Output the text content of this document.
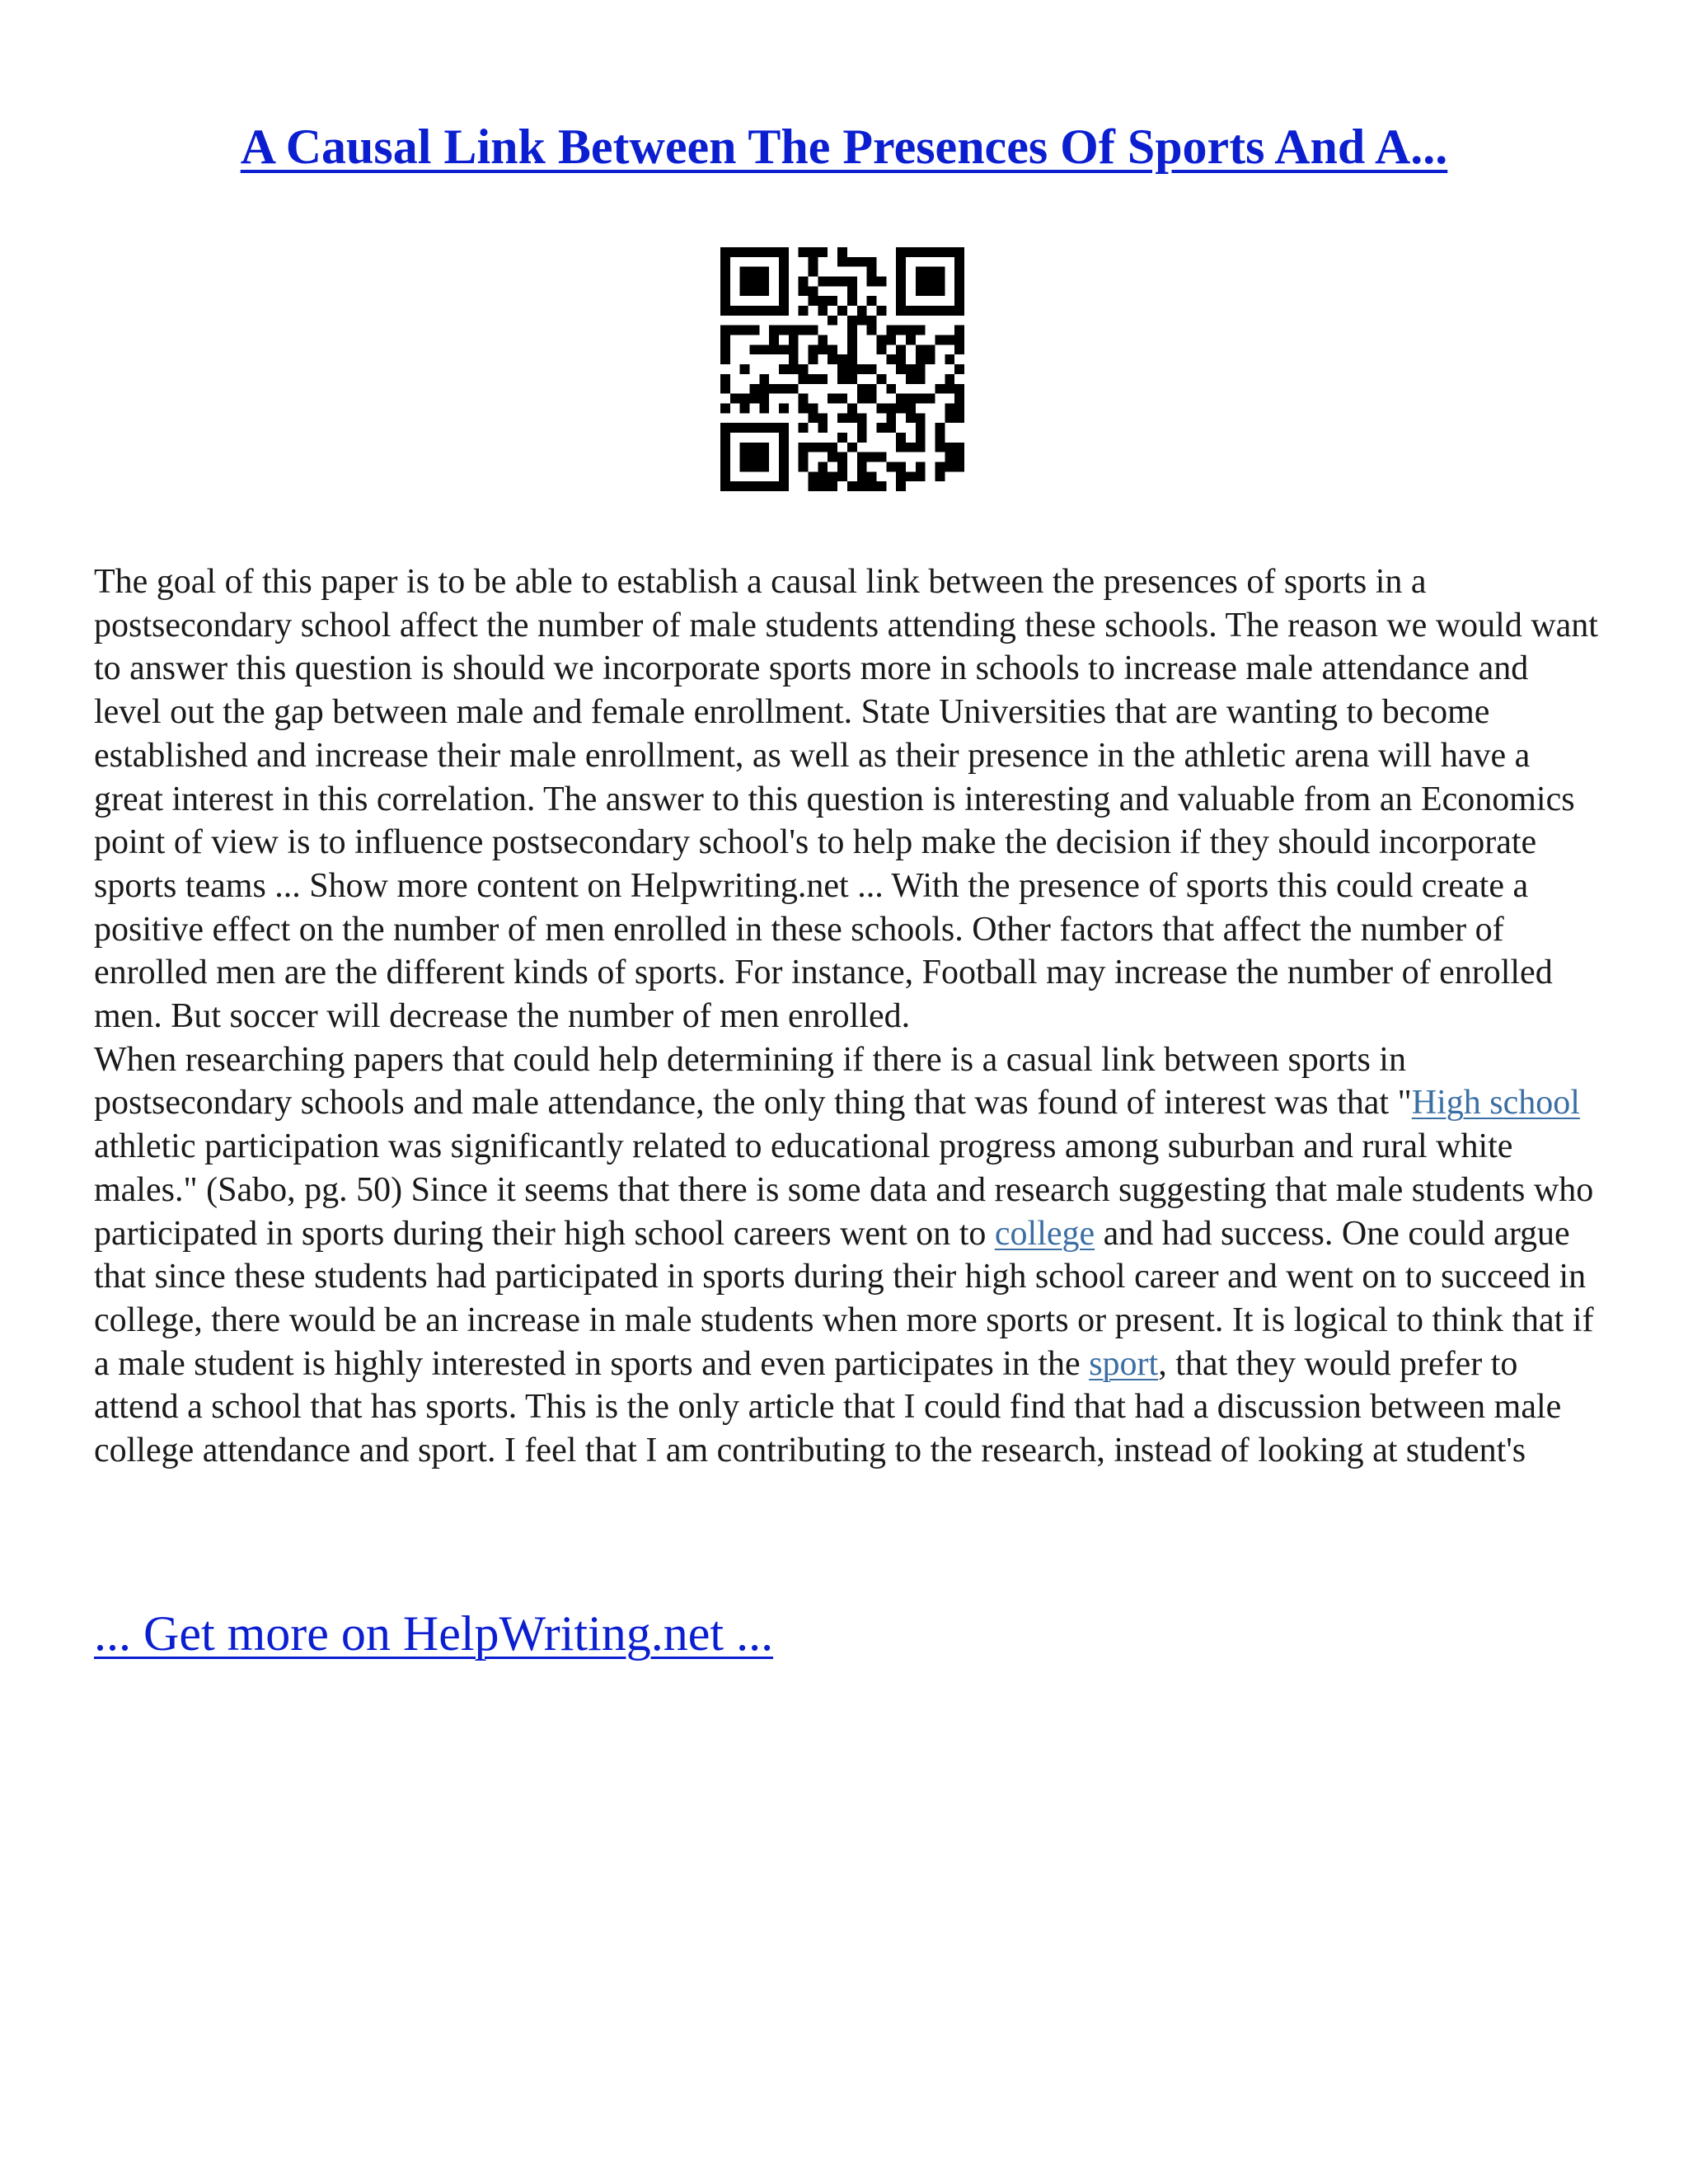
A Causal Link Between The Presences Of Sports And A...

The goal of this paper is to be able to establish a causal link between the presences of sports in a postsecondary school affect the number of male students attending these schools. The reason we would want to answer this question is should we incorporate sports more in schools to increase male attendance and level out the gap between male and female enrollment. State Universities that are wanting to become established and increase their male enrollment, as well as their presence in the athletic arena will have a great interest in this correlation. The answer to this question is interesting and valuable from an Economics point of view is to influence postsecondary school's to help make the decision if they should incorporate sports teams ... Show more content on Helpwriting.net ... With the presence of sports this could create a positive effect on the number of men enrolled in these schools. Other factors that affect the number of enrolled men are the different kinds of sports. For instance, Football may increase the number of enrolled men. But soccer will decrease the number of men enrolled.

When researching papers that could help determining if there is a casual link between sports in postsecondary schools and male attendance, the only thing that was found of interest was that "High school athletic participation was significantly related to educational progress among suburban and rural white males." (Sabo, pg. 50) Since it seems that there is some data and research suggesting that male students who participated in sports during their high school careers went on to college and had success. One could argue that since these students had participated in sports during their high school career and went on to succeed in college, there would be an increase in male students when more sports or present. It is logical to think that if a male student is highly interested in sports and even participates in the sport, that they would prefer to attend a school that has sports. This is the only article that I could find that had a discussion between male college attendance and sport. I feel that I am contributing to the research, instead of looking at student's

... Get more on HelpWriting.net ...
